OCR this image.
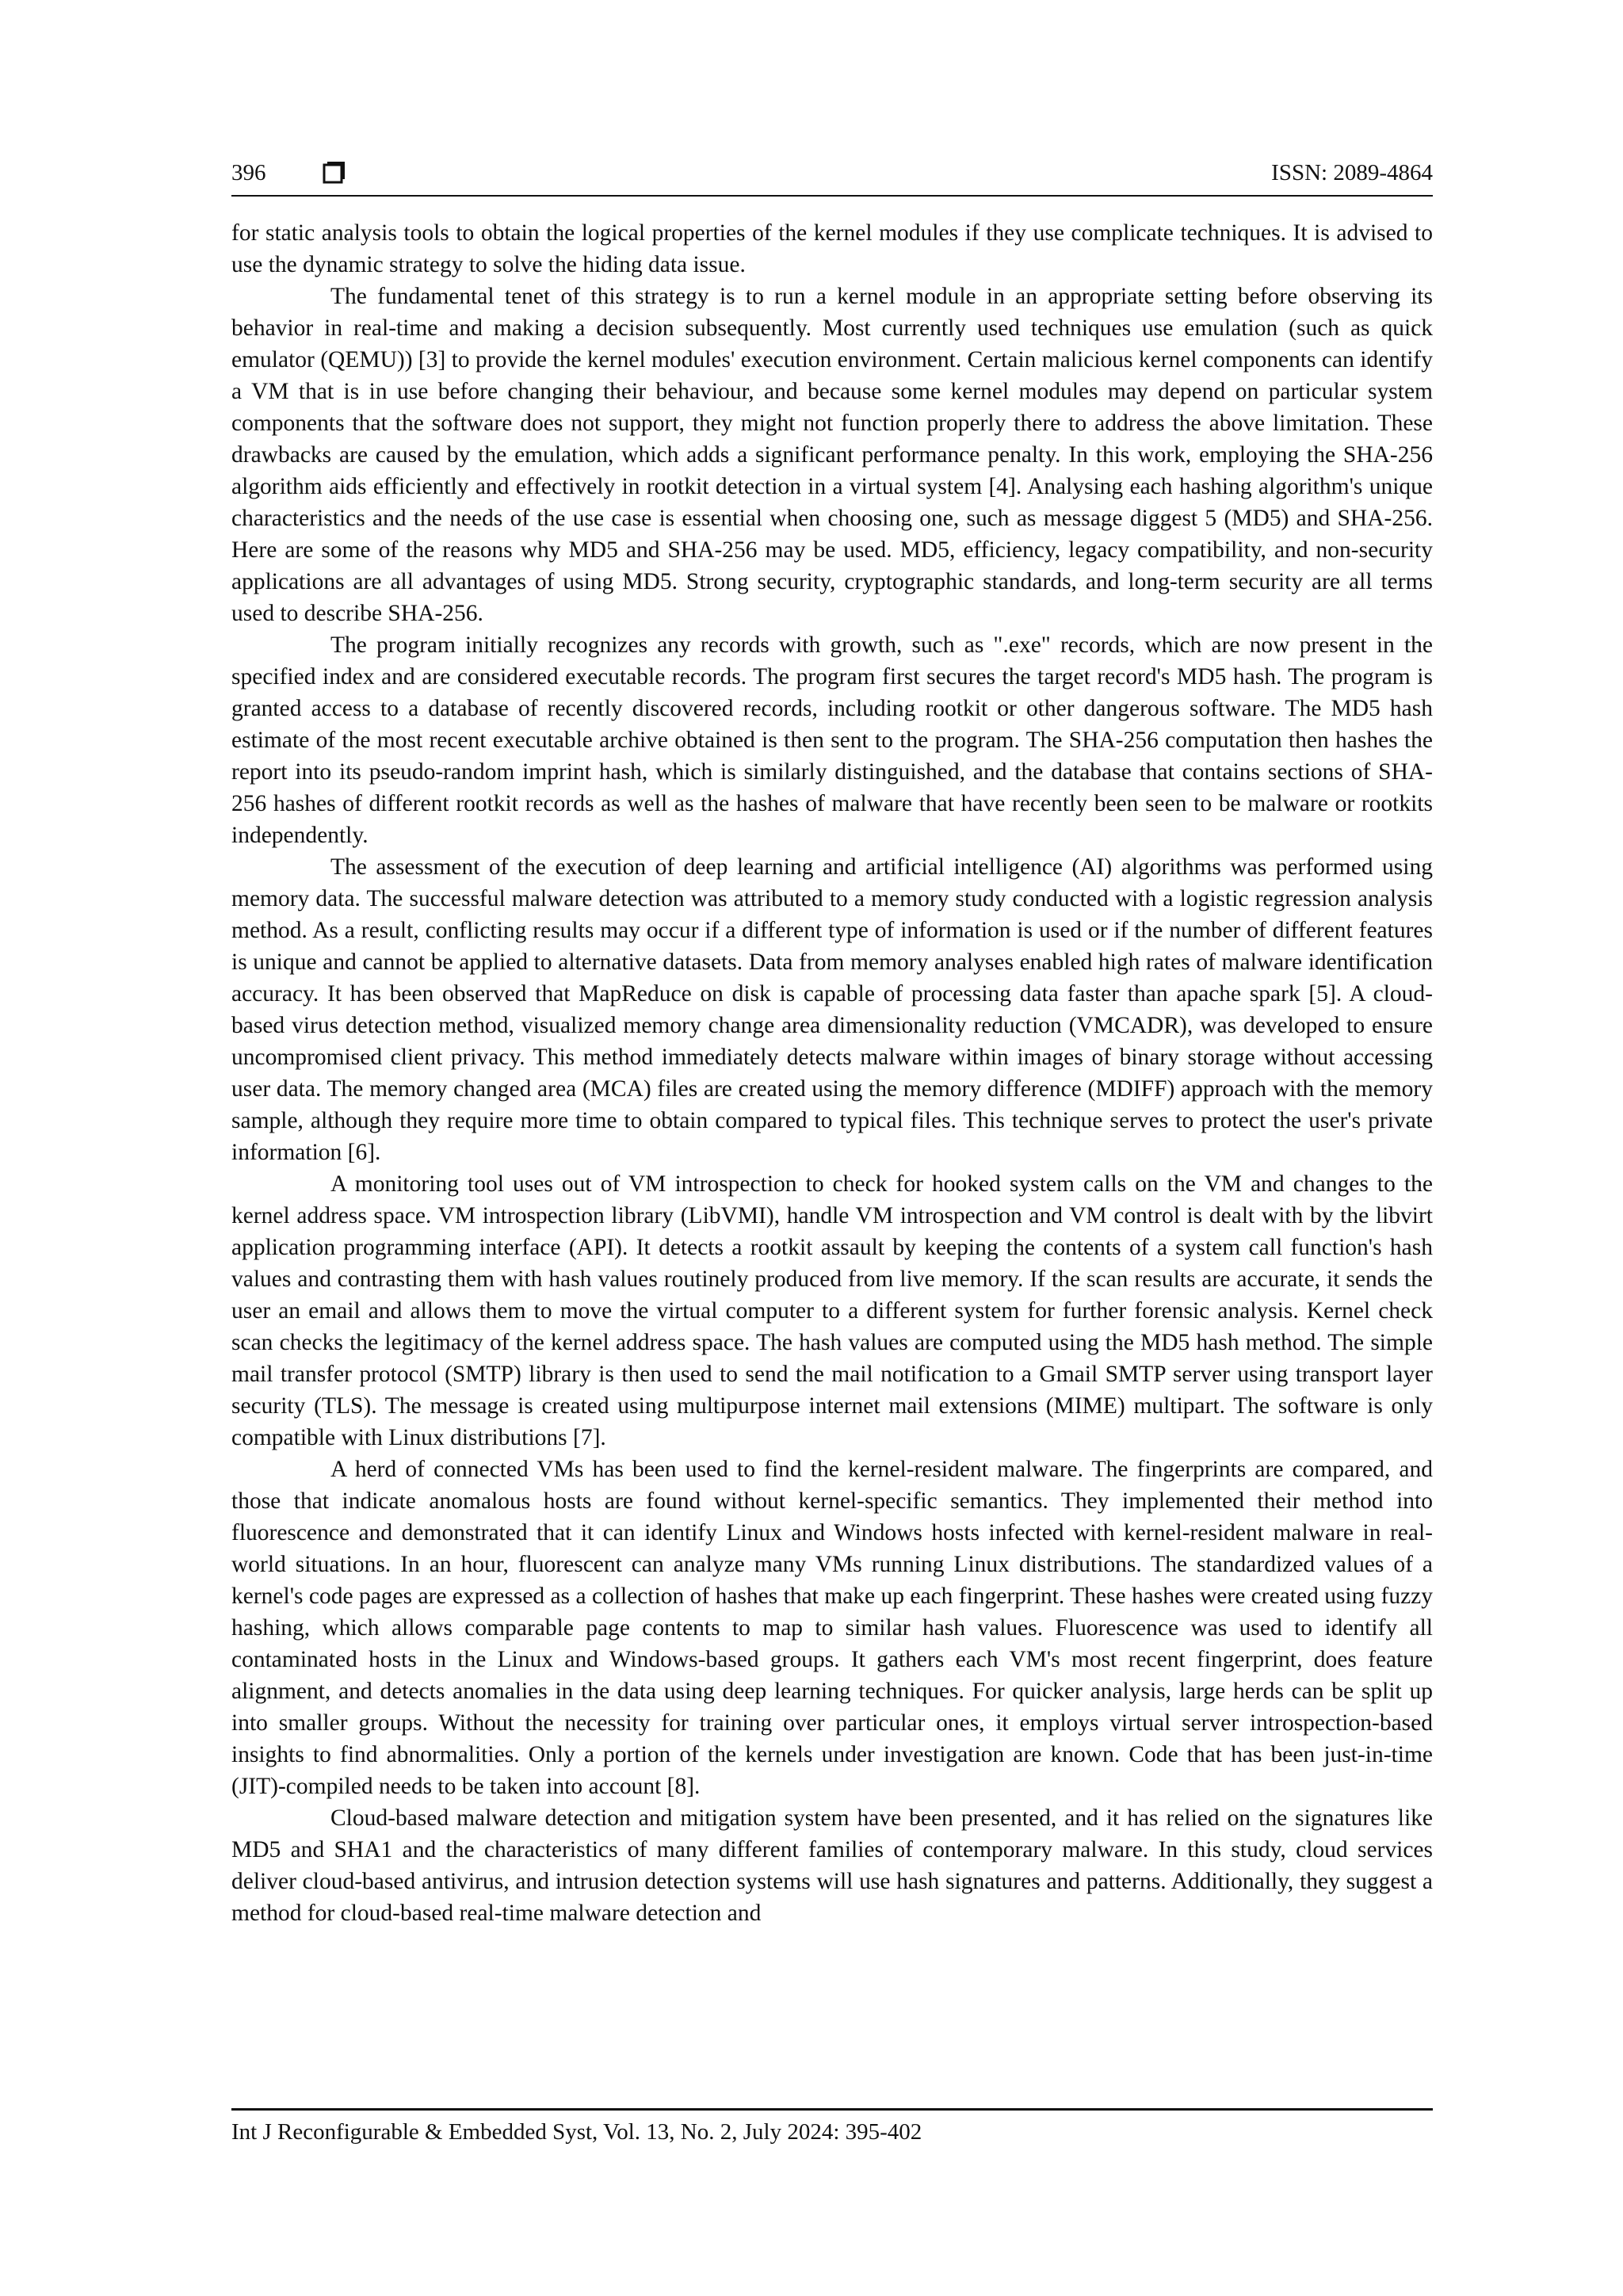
396	ISSN: 2089-4864

for static analysis tools to obtain the logical properties of the kernel modules if they use complicate techniques. It is advised to use the dynamic strategy to solve the hiding data issue.

The fundamental tenet of this strategy is to run a kernel module in an appropriate setting before observing its behavior in real-time and making a decision subsequently. Most currently used techniques use emulation (such as quick emulator (QEMU)) [3] to provide the kernel modules' execution environment. Certain malicious kernel components can identify a VM that is in use before changing their behaviour, and because some kernel modules may depend on particular system components that the software does not support, they might not function properly there to address the above limitation. These drawbacks are caused by the emulation, which adds a significant performance penalty. In this work, employing the SHA-256 algorithm aids efficiently and effectively in rootkit detection in a virtual system [4]. Analysing each hashing algorithm's unique characteristics and the needs of the use case is essential when choosing one, such as message diggest 5 (MD5) and SHA-256. Here are some of the reasons why MD5 and SHA-256 may be used. MD5, efficiency, legacy compatibility, and non-security applications are all advantages of using MD5. Strong security, cryptographic standards, and long-term security are all terms used to describe SHA-256.

The program initially recognizes any records with growth, such as ".exe" records, which are now present in the specified index and are considered executable records. The program first secures the target record's MD5 hash. The program is granted access to a database of recently discovered records, including rootkit or other dangerous software. The MD5 hash estimate of the most recent executable archive obtained is then sent to the program. The SHA-256 computation then hashes the report into its pseudo-random imprint hash, which is similarly distinguished, and the database that contains sections of SHA-256 hashes of different rootkit records as well as the hashes of malware that have recently been seen to be malware or rootkits independently.

The assessment of the execution of deep learning and artificial intelligence (AI) algorithms was performed using memory data. The successful malware detection was attributed to a memory study conducted with a logistic regression analysis method. As a result, conflicting results may occur if a different type of information is used or if the number of different features is unique and cannot be applied to alternative datasets. Data from memory analyses enabled high rates of malware identification accuracy. It has been observed that MapReduce on disk is capable of processing data faster than apache spark [5]. A cloud-based virus detection method, visualized memory change area dimensionality reduction (VMCADR), was developed to ensure uncompromised client privacy. This method immediately detects malware within images of binary storage without accessing user data. The memory changed area (MCA) files are created using the memory difference (MDIFF) approach with the memory sample, although they require more time to obtain compared to typical files. This technique serves to protect the user's private information [6].

A monitoring tool uses out of VM introspection to check for hooked system calls on the VM and changes to the kernel address space. VM introspection library (LibVMI), handle VM introspection and VM control is dealt with by the libvirt application programming interface (API). It detects a rootkit assault by keeping the contents of a system call function's hash values and contrasting them with hash values routinely produced from live memory. If the scan results are accurate, it sends the user an email and allows them to move the virtual computer to a different system for further forensic analysis. Kernel check scan checks the legitimacy of the kernel address space. The hash values are computed using the MD5 hash method. The simple mail transfer protocol (SMTP) library is then used to send the mail notification to a Gmail SMTP server using transport layer security (TLS). The message is created using multipurpose internet mail extensions (MIME) multipart. The software is only compatible with Linux distributions [7].

A herd of connected VMs has been used to find the kernel-resident malware. The fingerprints are compared, and those that indicate anomalous hosts are found without kernel-specific semantics. They implemented their method into fluorescence and demonstrated that it can identify Linux and Windows hosts infected with kernel-resident malware in real-world situations. In an hour, fluorescent can analyze many VMs running Linux distributions. The standardized values of a kernel's code pages are expressed as a collection of hashes that make up each fingerprint. These hashes were created using fuzzy hashing, which allows comparable page contents to map to similar hash values. Fluorescence was used to identify all contaminated hosts in the Linux and Windows-based groups. It gathers each VM's most recent fingerprint, does feature alignment, and detects anomalies in the data using deep learning techniques. For quicker analysis, large herds can be split up into smaller groups. Without the necessity for training over particular ones, it employs virtual server introspection-based insights to find abnormalities. Only a portion of the kernels under investigation are known. Code that has been just-in-time (JIT)-compiled needs to be taken into account [8].

Cloud-based malware detection and mitigation system have been presented, and it has relied on the signatures like MD5 and SHA1 and the characteristics of many different families of contemporary malware. In this study, cloud services deliver cloud-based antivirus, and intrusion detection systems will use hash signatures and patterns. Additionally, they suggest a method for cloud-based real-time malware detection and

Int J Reconfigurable & Embedded Syst, Vol. 13, No. 2, July 2024: 395-402
